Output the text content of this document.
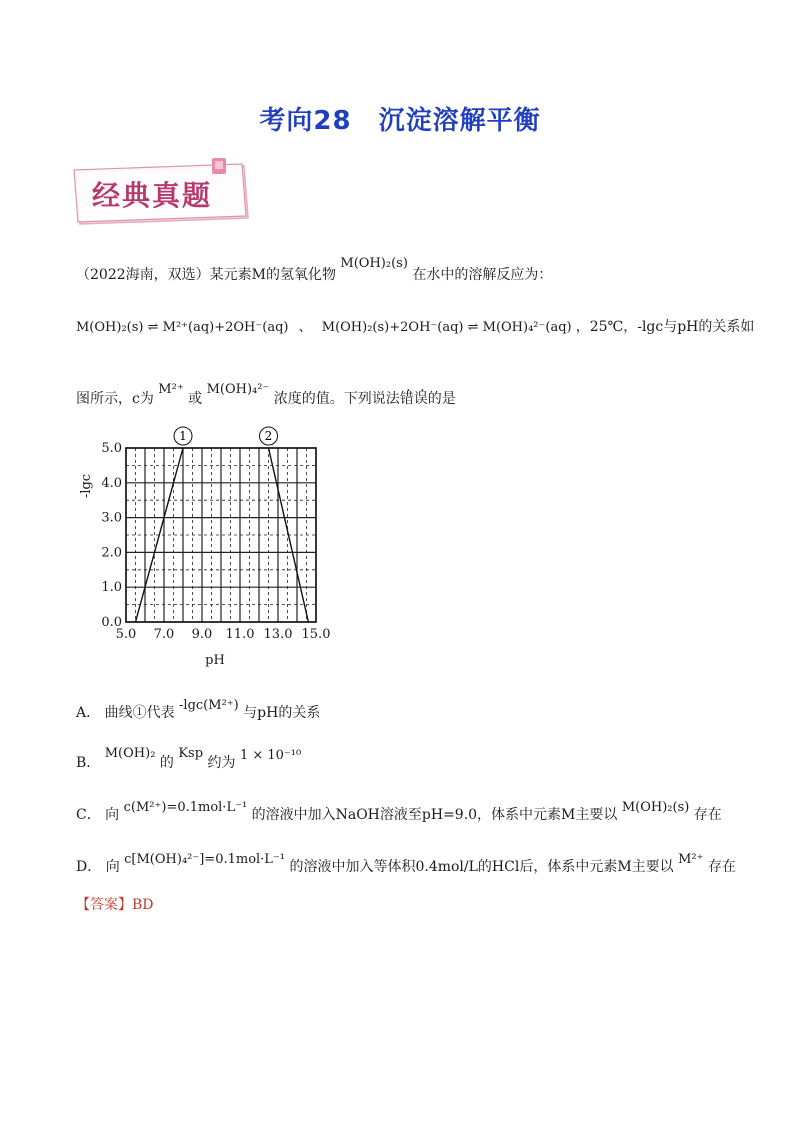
考向28　沉淀溶解平衡
经典真题
（2022海南，双选）某元素M的氢氧化物 M(OH)₂(s) 在水中的溶解反应为：
M(OH)₂(s) ⇌ M²⁺(aq)+2OH⁻(aq) 、 M(OH)₂(s)+2OH⁻(aq) ⇌ M(OH)₄²⁻(aq) ，25℃，-lgc与pH的关系如
图所示，c为 M²⁺ 或 M(OH)₄²⁻ 浓度的值。下列说法错误的是
1	2
5.0 7.0 9.0 11.0 13.0 15.0
0.0
1.0
2.0
3.0
4.0
5.0
pH
-lgc
A． 曲线①代表 -lgc(M²⁺) 与pH的关系
B． M(OH)₂ 的 Ksp 约为 1 × 10⁻¹⁰
C． 向 c(M²⁺)=0.1mol·L⁻¹ 的溶液中加入NaOH溶液至pH=9.0，体系中元素M主要以 M(OH)₂(s) 存在
D． 向 c[M(OH)₄²⁻]=0.1mol·L⁻¹ 的溶液中加入等体积0.4mol/L的HCl后，体系中元素M主要以 M²⁺ 存在
【答案】BD
